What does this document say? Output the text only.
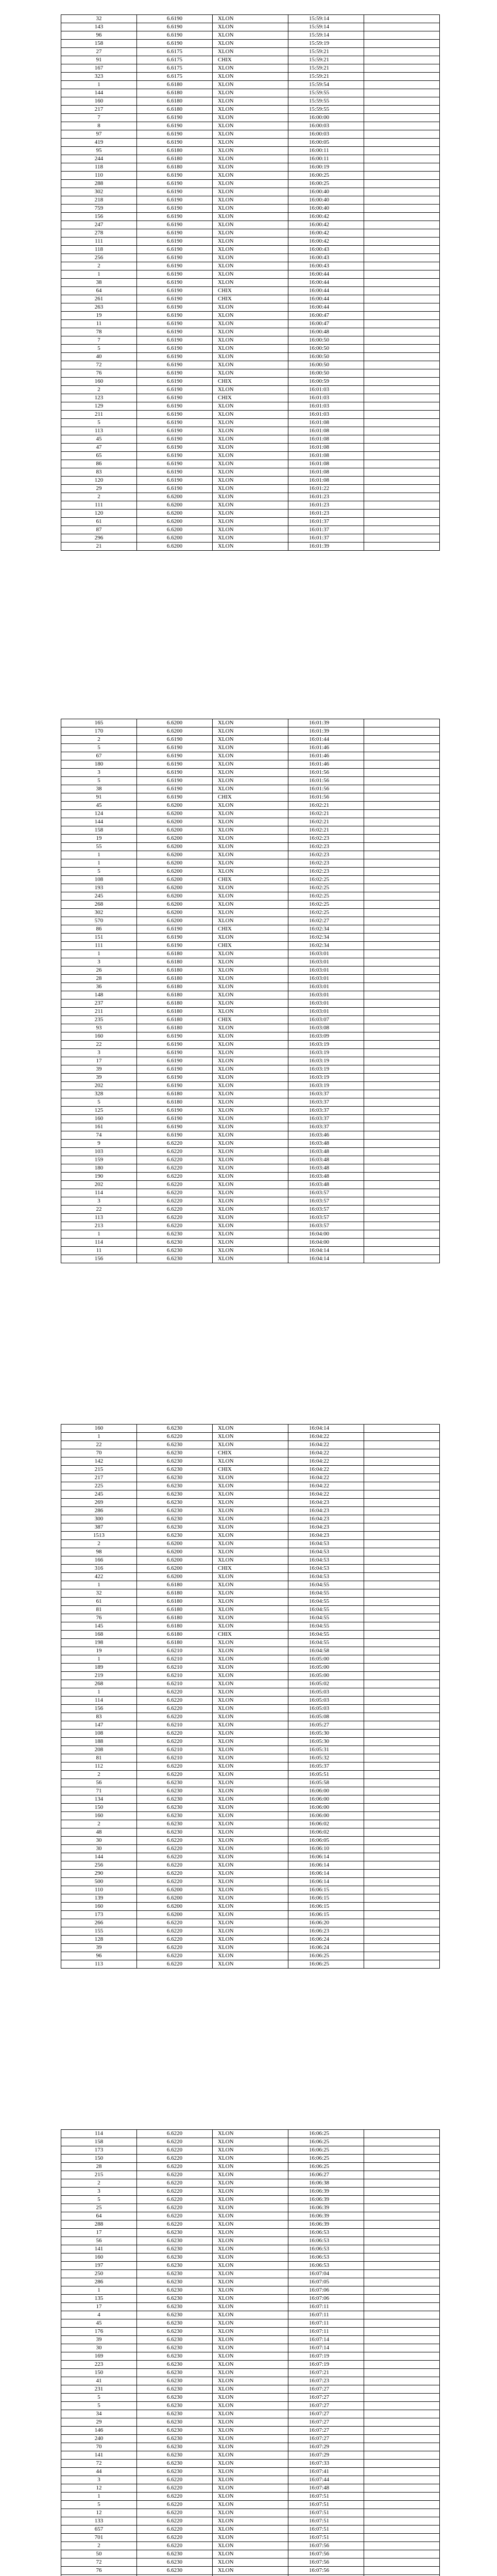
32	6.6190	XLON	15:59:14	
143	6.6190	XLON	15:59:14	
96	6.6190	XLON	15:59:14	
158	6.6190	XLON	15:59:19	
27	6.6175	XLON	15:59:21	
91	6.6175	CHIX	15:59:21	
167	6.6175	XLON	15:59:21	
323	6.6175	XLON	15:59:21	
1	6.6180	XLON	15:59:54	
144	6.6180	XLON	15:59:55	
160	6.6180	XLON	15:59:55	
217	6.6180	XLON	15:59:55	
7	6.6190	XLON	16:00:00	
8	6.6190	XLON	16:00:03	
97	6.6190	XLON	16:00:03	
419	6.6190	XLON	16:00:05	
95	6.6180	XLON	16:00:11	
244	6.6180	XLON	16:00:11	
118	6.6180	XLON	16:00:19	
110	6.6190	XLON	16:00:25	
288	6.6190	XLON	16:00:25	
302	6.6190	XLON	16:00:40	
218	6.6190	XLON	16:00:40	
759	6.6190	XLON	16:00:40	
156	6.6190	XLON	16:00:42	
247	6.6190	XLON	16:00:42	
278	6.6190	XLON	16:00:42	
111	6.6190	XLON	16:00:42	
118	6.6190	XLON	16:00:43	
256	6.6190	XLON	16:00:43	
2	6.6190	XLON	16:00:43	
1	6.6190	XLON	16:00:44	
38	6.6190	XLON	16:00:44	
64	6.6190	CHIX	16:00:44	
261	6.6190	CHIX	16:00:44	
263	6.6190	XLON	16:00:44	
19	6.6190	XLON	16:00:47	
11	6.6190	XLON	16:00:47	
78	6.6190	XLON	16:00:48	
7	6.6190	XLON	16:00:50	
5	6.6190	XLON	16:00:50	
40	6.6190	XLON	16:00:50	
72	6.6190	XLON	16:00:50	
76	6.6190	XLON	16:00:50	
160	6.6190	CHIX	16:00:59	
2	6.6190	XLON	16:01:03	
123	6.6190	CHIX	16:01:03	
129	6.6190	XLON	16:01:03	
211	6.6190	XLON	16:01:03	
5	6.6190	XLON	16:01:08	
113	6.6190	XLON	16:01:08	
45	6.6190	XLON	16:01:08	
47	6.6190	XLON	16:01:08	
65	6.6190	XLON	16:01:08	
86	6.6190	XLON	16:01:08	
83	6.6190	XLON	16:01:08	
120	6.6190	XLON	16:01:08	
29	6.6190	XLON	16:01:22	
2	6.6200	XLON	16:01:23	
111	6.6200	XLON	16:01:23	
120	6.6200	XLON	16:01:23	
61	6.6200	XLON	16:01:37	
87	6.6200	XLON	16:01:37	
296	6.6200	XLON	16:01:37	
21	6.6200	XLON	16:01:39	
165	6.6200	XLON	16:01:39	
170	6.6200	XLON	16:01:39	
2	6.6190	XLON	16:01:44	
5	6.6190	XLON	16:01:46	
67	6.6190	XLON	16:01:46	
180	6.6190	XLON	16:01:46	
3	6.6190	XLON	16:01:56	
5	6.6190	XLON	16:01:56	
38	6.6190	XLON	16:01:56	
91	6.6190	CHIX	16:01:56	
45	6.6200	XLON	16:02:21	
124	6.6200	XLON	16:02:21	
144	6.6200	XLON	16:02:21	
158	6.6200	XLON	16:02:21	
19	6.6200	XLON	16:02:23	
55	6.6200	XLON	16:02:23	
1	6.6200	XLON	16:02:23	
1	6.6200	XLON	16:02:23	
5	6.6200	XLON	16:02:23	
108	6.6200	CHIX	16:02:25	
193	6.6200	XLON	16:02:25	
245	6.6200	XLON	16:02:25	
268	6.6200	XLON	16:02:25	
302	6.6200	XLON	16:02:25	
570	6.6200	XLON	16:02:27	
86	6.6190	CHIX	16:02:34	
151	6.6190	XLON	16:02:34	
111	6.6190	CHIX	16:02:34	
1	6.6180	XLON	16:03:01	
3	6.6180	XLON	16:03:01	
26	6.6180	XLON	16:03:01	
28	6.6180	XLON	16:03:01	
36	6.6180	XLON	16:03:01	
148	6.6180	XLON	16:03:01	
237	6.6180	XLON	16:03:01	
211	6.6180	XLON	16:03:01	
235	6.6180	CHIX	16:03:07	
93	6.6180	XLON	16:03:08	
160	6.6190	XLON	16:03:09	
22	6.6190	XLON	16:03:19	
3	6.6190	XLON	16:03:19	
17	6.6190	XLON	16:03:19	
39	6.6190	XLON	16:03:19	
39	6.6190	XLON	16:03:19	
202	6.6190	XLON	16:03:19	
328	6.6180	XLON	16:03:37	
5	6.6180	XLON	16:03:37	
125	6.6190	XLON	16:03:37	
160	6.6190	XLON	16:03:37	
161	6.6190	XLON	16:03:37	
74	6.6190	XLON	16:03:46	
9	6.6220	XLON	16:03:48	
103	6.6220	XLON	16:03:48	
159	6.6220	XLON	16:03:48	
180	6.6220	XLON	16:03:48	
190	6.6220	XLON	16:03:48	
202	6.6220	XLON	16:03:48	
114	6.6220	XLON	16:03:57	
3	6.6220	XLON	16:03:57	
22	6.6220	XLON	16:03:57	
113	6.6220	XLON	16:03:57	
213	6.6220	XLON	16:03:57	
1	6.6230	XLON	16:04:00	
114	6.6230	XLON	16:04:00	
11	6.6230	XLON	16:04:14	
156	6.6230	XLON	16:04:14	
160	6.6230	XLON	16:04:14	
1	6.6220	XLON	16:04:22	
22	6.6230	XLON	16:04:22	
70	6.6230	CHIX	16:04:22	
142	6.6230	XLON	16:04:22	
215	6.6230	CHIX	16:04:22	
217	6.6230	XLON	16:04:22	
225	6.6230	XLON	16:04:22	
245	6.6230	XLON	16:04:22	
269	6.6230	XLON	16:04:23	
286	6.6230	XLON	16:04:23	
300	6.6230	XLON	16:04:23	
387	6.6230	XLON	16:04:23	
1513	6.6230	XLON	16:04:23	
2	6.6200	XLON	16:04:53	
98	6.6200	XLON	16:04:53	
166	6.6200	XLON	16:04:53	
316	6.6200	CHIX	16:04:53	
422	6.6200	XLON	16:04:53	
1	6.6180	XLON	16:04:55	
32	6.6180	XLON	16:04:55	
61	6.6180	XLON	16:04:55	
81	6.6180	XLON	16:04:55	
76	6.6180	XLON	16:04:55	
145	6.6180	XLON	16:04:55	
168	6.6180	CHIX	16:04:55	
198	6.6180	XLON	16:04:55	
19	6.6210	XLON	16:04:58	
1	6.6210	XLON	16:05:00	
189	6.6210	XLON	16:05:00	
219	6.6210	XLON	16:05:00	
268	6.6210	XLON	16:05:02	
1	6.6220	XLON	16:05:03	
114	6.6220	XLON	16:05:03	
156	6.6220	XLON	16:05:03	
83	6.6220	XLON	16:05:08	
147	6.6210	XLON	16:05:27	
108	6.6220	XLON	16:05:30	
188	6.6220	XLON	16:05:30	
208	6.6210	XLON	16:05:31	
81	6.6210	XLON	16:05:32	
112	6.6220	XLON	16:05:37	
2	6.6220	XLON	16:05:51	
56	6.6230	XLON	16:05:58	
71	6.6230	XLON	16:06:00	
134	6.6230	XLON	16:06:00	
150	6.6230	XLON	16:06:00	
160	6.6230	XLON	16:06:00	
2	6.6230	XLON	16:06:02	
48	6.6230	XLON	16:06:02	
30	6.6220	XLON	16:06:05	
30	6.6220	XLON	16:06:10	
144	6.6220	XLON	16:06:14	
256	6.6220	XLON	16:06:14	
290	6.6220	XLON	16:06:14	
500	6.6220	XLON	16:06:14	
110	6.6200	XLON	16:06:15	
139	6.6200	XLON	16:06:15	
160	6.6200	XLON	16:06:15	
173	6.6200	XLON	16:06:15	
266	6.6220	XLON	16:06:20	
155	6.6220	XLON	16:06:23	
128	6.6220	XLON	16:06:24	
39	6.6220	XLON	16:06:24	
96	6.6220	XLON	16:06:25	
113	6.6220	XLON	16:06:25	
114	6.6220	XLON	16:06:25	
158	6.6220	XLON	16:06:25	
173	6.6220	XLON	16:06:25	
150	6.6220	XLON	16:06:25	
28	6.6220	XLON	16:06:25	
215	6.6220	XLON	16:06:27	
2	6.6220	XLON	16:06:38	
3	6.6220	XLON	16:06:39	
5	6.6220	XLON	16:06:39	
25	6.6220	XLON	16:06:39	
64	6.6220	XLON	16:06:39	
288	6.6220	XLON	16:06:39	
17	6.6230	XLON	16:06:53	
56	6.6230	XLON	16:06:53	
141	6.6230	XLON	16:06:53	
160	6.6230	XLON	16:06:53	
197	6.6230	XLON	16:06:53	
250	6.6230	XLON	16:07:04	
286	6.6230	XLON	16:07:05	
1	6.6230	XLON	16:07:06	
135	6.6230	XLON	16:07:06	
17	6.6230	XLON	16:07:11	
4	6.6230	XLON	16:07:11	
45	6.6230	XLON	16:07:11	
176	6.6230	XLON	16:07:11	
39	6.6230	XLON	16:07:14	
30	6.6230	XLON	16:07:14	
169	6.6230	XLON	16:07:19	
223	6.6230	XLON	16:07:19	
150	6.6230	XLON	16:07:21	
41	6.6230	XLON	16:07:23	
231	6.6230	XLON	16:07:27	
5	6.6230	XLON	16:07:27	
5	6.6230	XLON	16:07:27	
34	6.6230	XLON	16:07:27	
29	6.6230	XLON	16:07:27	
146	6.6230	XLON	16:07:27	
240	6.6230	XLON	16:07:27	
70	6.6230	XLON	16:07:29	
141	6.6230	XLON	16:07:29	
72	6.6230	XLON	16:07:33	
44	6.6230	XLON	16:07:41	
3	6.6220	XLON	16:07:44	
12	6.6220	XLON	16:07:48	
1	6.6220	XLON	16:07:51	
5	6.6220	XLON	16:07:51	
12	6.6220	XLON	16:07:51	
133	6.6220	XLON	16:07:51	
657	6.6220	XLON	16:07:51	
701	6.6220	XLON	16:07:51	
2	6.6220	XLON	16:07:56	
50	6.6230	XLON	16:07:56	
72	6.6230	XLON	16:07:56	
76	6.6230	XLON	16:07:56	
